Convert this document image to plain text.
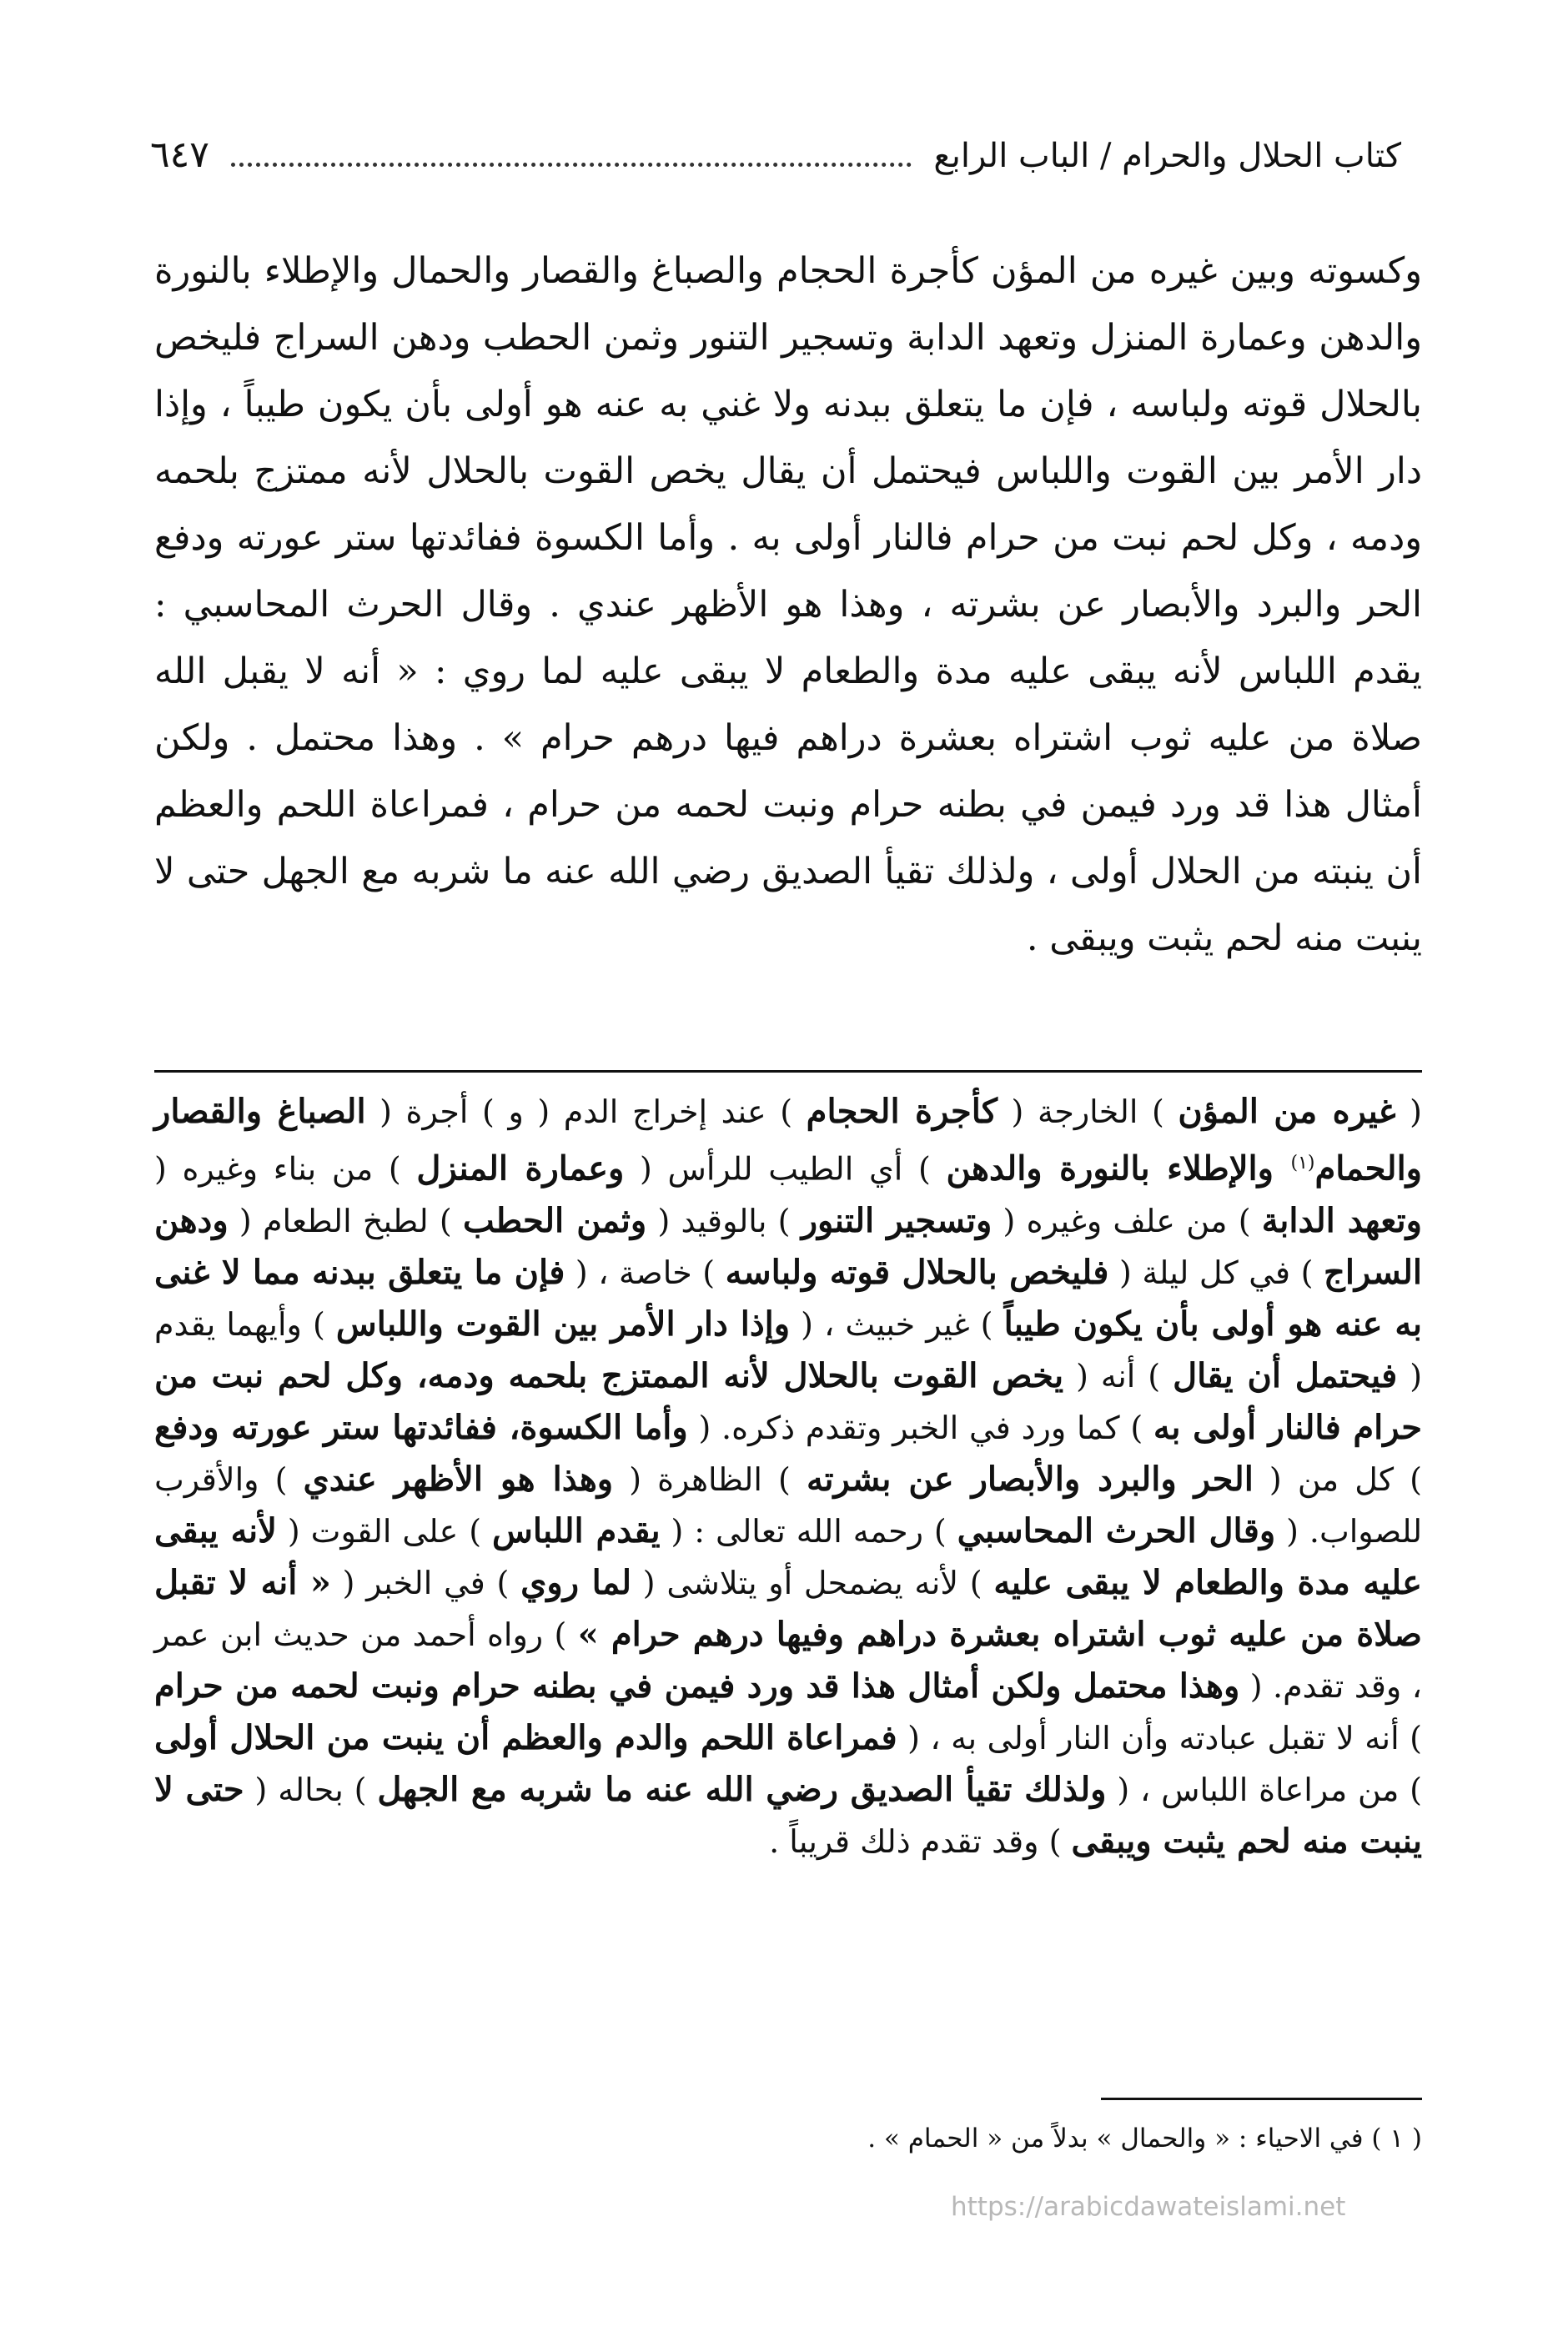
كتاب الحلال والحرام / الباب الرابع
٦٤٧

وكسوته وبين غيره من المؤن كأجرة الحجام والصباغ والقصار والحمال والإطلاء بالنورة والدهن وعمارة المنزل وتعهد الدابة وتسجير التنور وثمن الحطب ودهن السراج فليخص بالحلال قوته ولباسه ، فإن ما يتعلق ببدنه ولا غني به عنه هو أولى بأن يكون طيباً ، وإذا دار الأمر بين القوت واللباس فيحتمل أن يقال يخص القوت بالحلال لأنه ممتزج بلحمه ودمه ، وكل لحم نبت من حرام فالنار أولى به . وأما الكسوة ففائدتها ستر عورته ودفع الحر والبرد والأبصار عن بشرته ، وهذا هو الأظهر عندي . وقال الحرث المحاسبي : يقدم اللباس لأنه يبقى عليه مدة والطعام لا يبقى عليه لما روي : « أنه لا يقبل الله صلاة من عليه ثوب اشتراه بعشرة دراهم فيها درهم حرام » . وهذا محتمل . ولكن أمثال هذا قد ورد فيمن في بطنه حرام ونبت لحمه من حرام ، فمراعاة اللحم والعظم أن ينبته من الحلال أولى ، ولذلك تقيأ الصديق رضي الله عنه ما شربه مع الجهل حتى لا ينبت منه لحم يثبت ويبقى .

( غيره من المؤن ) الخارجة ( كأجرة الحجام ) عند إخراج الدم ( و ) أجرة ( الصباغ والقصار والحمام$^{(١)}$ والإطلاء بالنورة والدهن ) أي الطيب للرأس ( وعمارة المنزل ) من بناء وغيره ( وتعهد الدابة ) من علف وغيره ( وتسجير التنور ) بالوقيد ( وثمن الحطب ) لطبخ الطعام ( ودهن السراج ) في كل ليلة ( فليخص بالحلال قوته ولباسه ) خاصة ، ( فإن ما يتعلق ببدنه مما لا غنى به عنه هو أولى بأن يكون طيباً ) غير خبيث ، ( وإذا دار الأمر بين القوت واللباس ) وأيهما يقدم ( فيحتمل أن يقال ) أنه ( يخص القوت بالحلال لأنه الممتزج بلحمه ودمه، وكل لحم نبت من حرام فالنار أولى به ) كما ورد في الخبر وتقدم ذكره. ( وأما الكسوة، ففائدتها ستر عورته ودفع ) كل من ( الحر والبرد والأبصار عن بشرته ) الظاهرة ( وهذا هو الأظهر عندي ) والأقرب للصواب. ( وقال الحرث المحاسبي ) رحمه الله تعالى : ( يقدم اللباس ) على القوت ( لأنه يبقى عليه مدة والطعام لا يبقى عليه ) لأنه يضمحل أو يتلاشى ( لما روي ) في الخبر ( « أنه لا تقبل صلاة من عليه ثوب اشتراه بعشرة دراهم وفيها درهم حرام » ) رواه أحمد من حديث ابن عمر ، وقد تقدم. ( وهذا محتمل ولكن أمثال هذا قد ورد فيمن في بطنه حرام ونبت لحمه من حرام ) أنه لا تقبل عبادته وأن النار أولى به ، ( فمراعاة اللحم والدم والعظم أن ينبت من الحلال أولى ) من مراعاة اللباس ، ( ولذلك تقيأ الصديق رضي الله عنه ما شربه مع الجهل ) بحاله ( حتى لا ينبت منه لحم يثبت ويبقى ) وقد تقدم ذلك قريباً .

( ١ ) في الاحياء : « والحمال » بدلاً من « الحمام » .
https://arabicdawateislami.net
